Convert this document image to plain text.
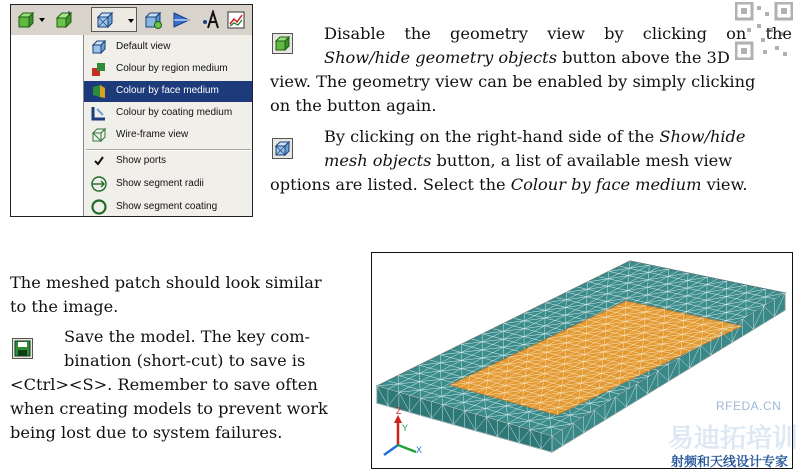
Default view
Colour by region medium
Colour by face medium
Colour by coating medium
Wire-frame view
Show ports
Show segment radii
Show segment coating
Disable the geometry view by clicking on the
Show/hide geometry objects button above the 3D
view. The geometry view can be enabled by simply clicking
on the button again.
By clicking on the right-hand side of the Show/hide
mesh objects button, a list of available mesh view
options are listed. Select the Colour by face medium view.
The meshed patch should look similar
to the image.
Save the model. The key com-
bination (short-cut) to save is
<Ctrl><S>. Remember to save often
when creating models to prevent work
being lost due to system failures.
Z
Y
X
RFEDA.CN
易迪拓培训
射频和天线设计专家
